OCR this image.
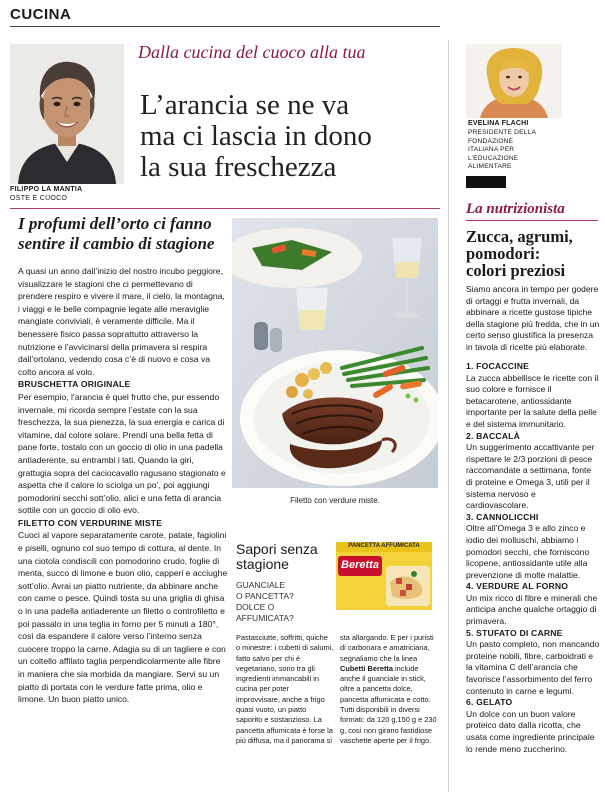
CUCINA
FILIPPO LA MANTIA
OSTE E CUOCO
Dalla cucina del cuoco alla tua
L’arancia se ne va
ma ci lascia in dono
la sua freschezza
I profumi dell’orto ci fanno
sentire il cambio di stagione

A quasi un anno dall’inizio del nostro incubo peggiore, visualizzare le stagioni che ci permettevano di prendere respiro e vivere il mare, il cielo, la montagna, i viaggi e le belle compagnie legate alle meraviglie mangiate conviviali, è veramente difficile. Ma il benessere fisico passa soprattutto attraverso la nutrizione e l’avvicinarsi della primavera si respira dall’ortolano, vedendo cosa c’è di nuovo e cosa va colto ancora al volo.

BRUSCHETTA ORIGINALE

Per esempio, l’arancia è quel frutto che, pur essendo invernale, mi ricorda sempre l’estate con la sua freschezza, la sua pienezza, la sua energia e carica di vitamine, dal colore solare. Prendi una bella fetta di pane forte, tostalo con un goccio di olio in una padella antiaderente, su entrambi i lati. Quando la giri, grattugia sopra del caciocavallo ragusano stagionato e aspetta che il calore lo sciolga un po’, poi aggiungi pomodorini secchi sott’olio, alici e una fetta di arancia sottile con un goccio di olio evo.

FILETTO CON VERDURINE MISTE

Cuoci al vapore separatamente carote, patate, fagiolini e piselli, ognuno col suo tempo di cottura, al dente. In una ciotola condiscili con pomodorino crudo, foglie di menta, succo di limone e buon olio, capperi e acciughe sott’olio. Avrai un piatto nutriente, da abbinare anche con carne o pesce. Quindi tosta su una griglia di ghisa o in una padella antiaderente un filetto o controfiletto e poi passalo in una teglia in forno per 5 minuti a 180°, così da espandere il calore verso l’interno senza cuocere troppo la carne. Adagia su di un tagliere e con un coltello affilato taglia perpendicolarmente alle fibre in maniera che sia morbida da mangiare. Servi su un piatto di portata con le verdure fatte prima, olio e limone. Un buon piatto unico.

Filetto con verdure miste.
Sapori senza
stagione
PANCETTA AFFUMICATA
Beretta
GUANCIALE
O PANCETTA?
DOLCE O
AFFUMICATA?
Pastasciutte, soffritti, quiche o minestre: i cubetti di salumi, fatto salvo per chi è vegetariano, sono tra gli ingredienti immancabili in cucina per poter improvvisare, anche a frigo quasi vuoto, un piatto saporito e sostanzioso. La pancetta affumicata è forse la più diffusa, ma il panorama si sta allargando. E per i puristi di carbonara e amatriciana, segnaliamo che la linea Cubetti Beretta include anche il guanciale in stick, oltre a pancetta dolce, pancetta affumicata e cotto. Tutti disponibili in diversi formati: da 120 g,150 g e 230 g, così non girano fastidiose vaschette aperte per il frigo.
EVELINA FLACHI
PRESIDENTE DELLA
FONDAZIONE
ITALIANA PER
L’EDUCAZIONE
ALIMENTARE
La nutrizionista
Zucca, agrumi,
pomodori:
colori preziosi
Siamo ancora in tempo per godere di ortaggi e frutta invernali, da abbinare a ricette gustose tipiche della stagione più fredda, che in un certo senso giustifica la presenza in tavola di ricette più elaborate.
1. FOCACCINE
La zucca abbellisce le ricette con il suo colore e fornisce il betacarotene, antiossidante importante per la salute della pelle e del sistema immunitario.
2. BACCALÀ
Un suggerimento accattivante per rispettare le 2/3 porzioni di pesce raccomandate a settimana, fonte di proteine e Omega 3, utili per il sistema nervoso e cardiovascolare.
3. CANNOLICCHI
Oltre all’Omega 3 e allo zinco e iodio dei molluschi, abbiamo i pomodori secchi, che forniscono licopene, antiossidante utile alla prevenzione di molte malattie.
4. VERDURE AL FORNO
Un mix ricco di fibre e minerali che anticipa anche qualche ortaggio di primavera.
5. STUFATO DI CARNE
Un pasto completo, non mancando proteine nobili, fibre, carboidrati e la vitamina C dell’arancia che favorisce l’assorbimento del ferro contenuto in carne e legumi.
6. GELATO
Un dolce con un buon valore proteico dato dalla ricotta, che usata come ingrediente principale lo rende meno zuccherino.
